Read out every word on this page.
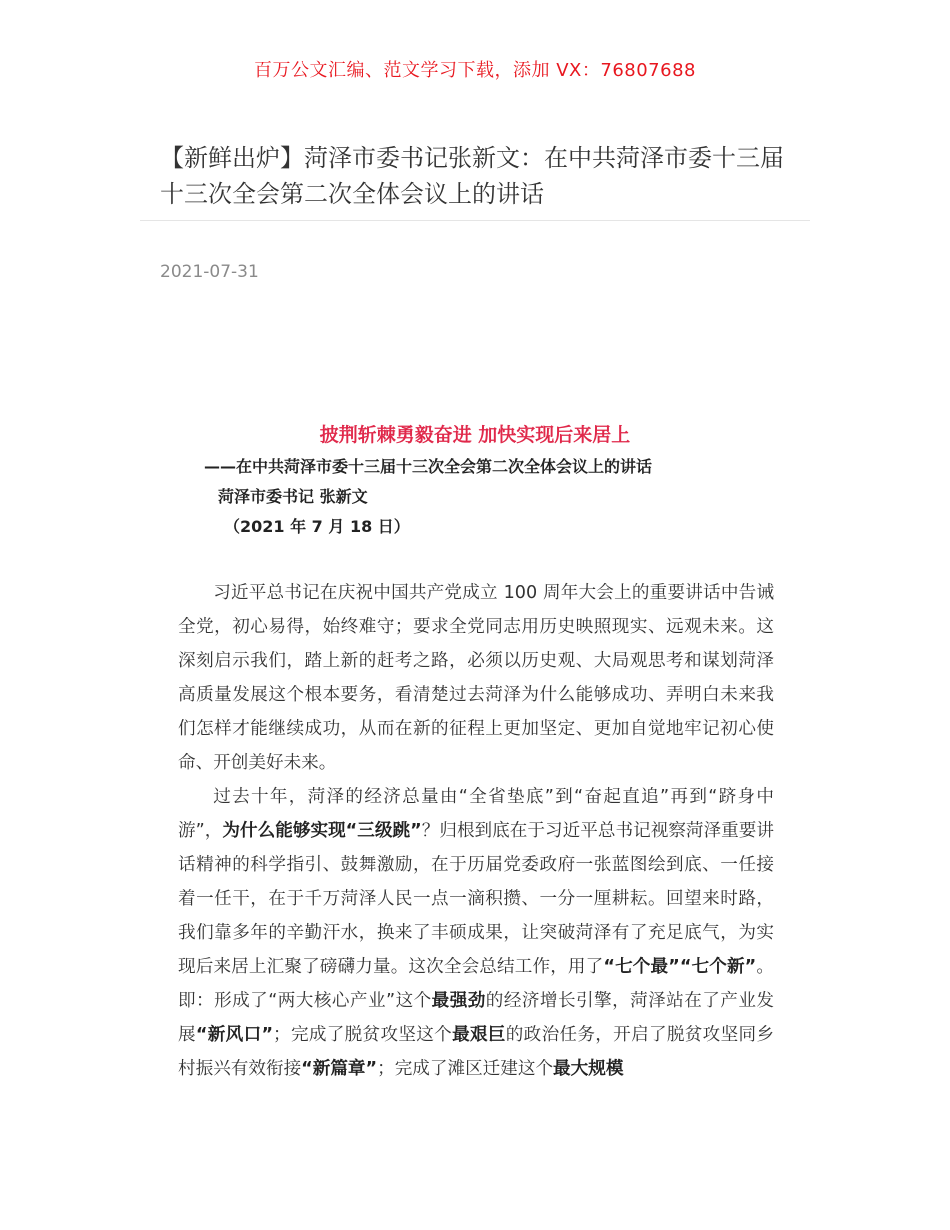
百万公文汇编、范文学习下载，添加 VX：76807688
【新鲜出炉】菏泽市委书记张新文：在中共菏泽市委十三届十三次全会第二次全体会议上的讲话
2021-07-31
披荆斩棘勇毅奋进 加快实现后来居上
——在中共菏泽市委十三届十三次全会第二次全体会议上的讲话
菏泽市委书记 张新文
（2021 年 7 月 18 日）

习近平总书记在庆祝中国共产党成立 100 周年大会上的重要讲话中告诫全党，初心易得，始终难守；要求全党同志用历史映照现实、远观未来。这深刻启示我们，踏上新的赶考之路，必须以历史观、大局观思考和谋划菏泽高质量发展这个根本要务，看清楚过去菏泽为什么能够成功、弄明白未来我们怎样才能继续成功，从而在新的征程上更加坚定、更加自觉地牢记初心使命、开创美好未来。

过去十年，菏泽的经济总量由“全省垫底”到“奋起直追”再到“跻身中游”，为什么能够实现“三级跳”？归根到底在于习近平总书记视察菏泽重要讲话精神的科学指引、鼓舞激励，在于历届党委政府一张蓝图绘到底、一任接着一任干，在于千万菏泽人民一点一滴积攒、一分一厘耕耘。回望来时路，我们靠多年的辛勤汗水，换来了丰硕成果，让突破菏泽有了充足底气，为实现后来居上汇聚了磅礴力量。这次全会总结工作，用了“七个最”“七个新”。即：形成了“两大核心产业”这个最强劲的经济增长引擎，菏泽站在了产业发展“新风口”；完成了脱贫攻坚这个最艰巨的政治任务，开启了脱贫攻坚同乡村振兴有效衔接“新篇章”；完成了滩区迁建这个最大规模
